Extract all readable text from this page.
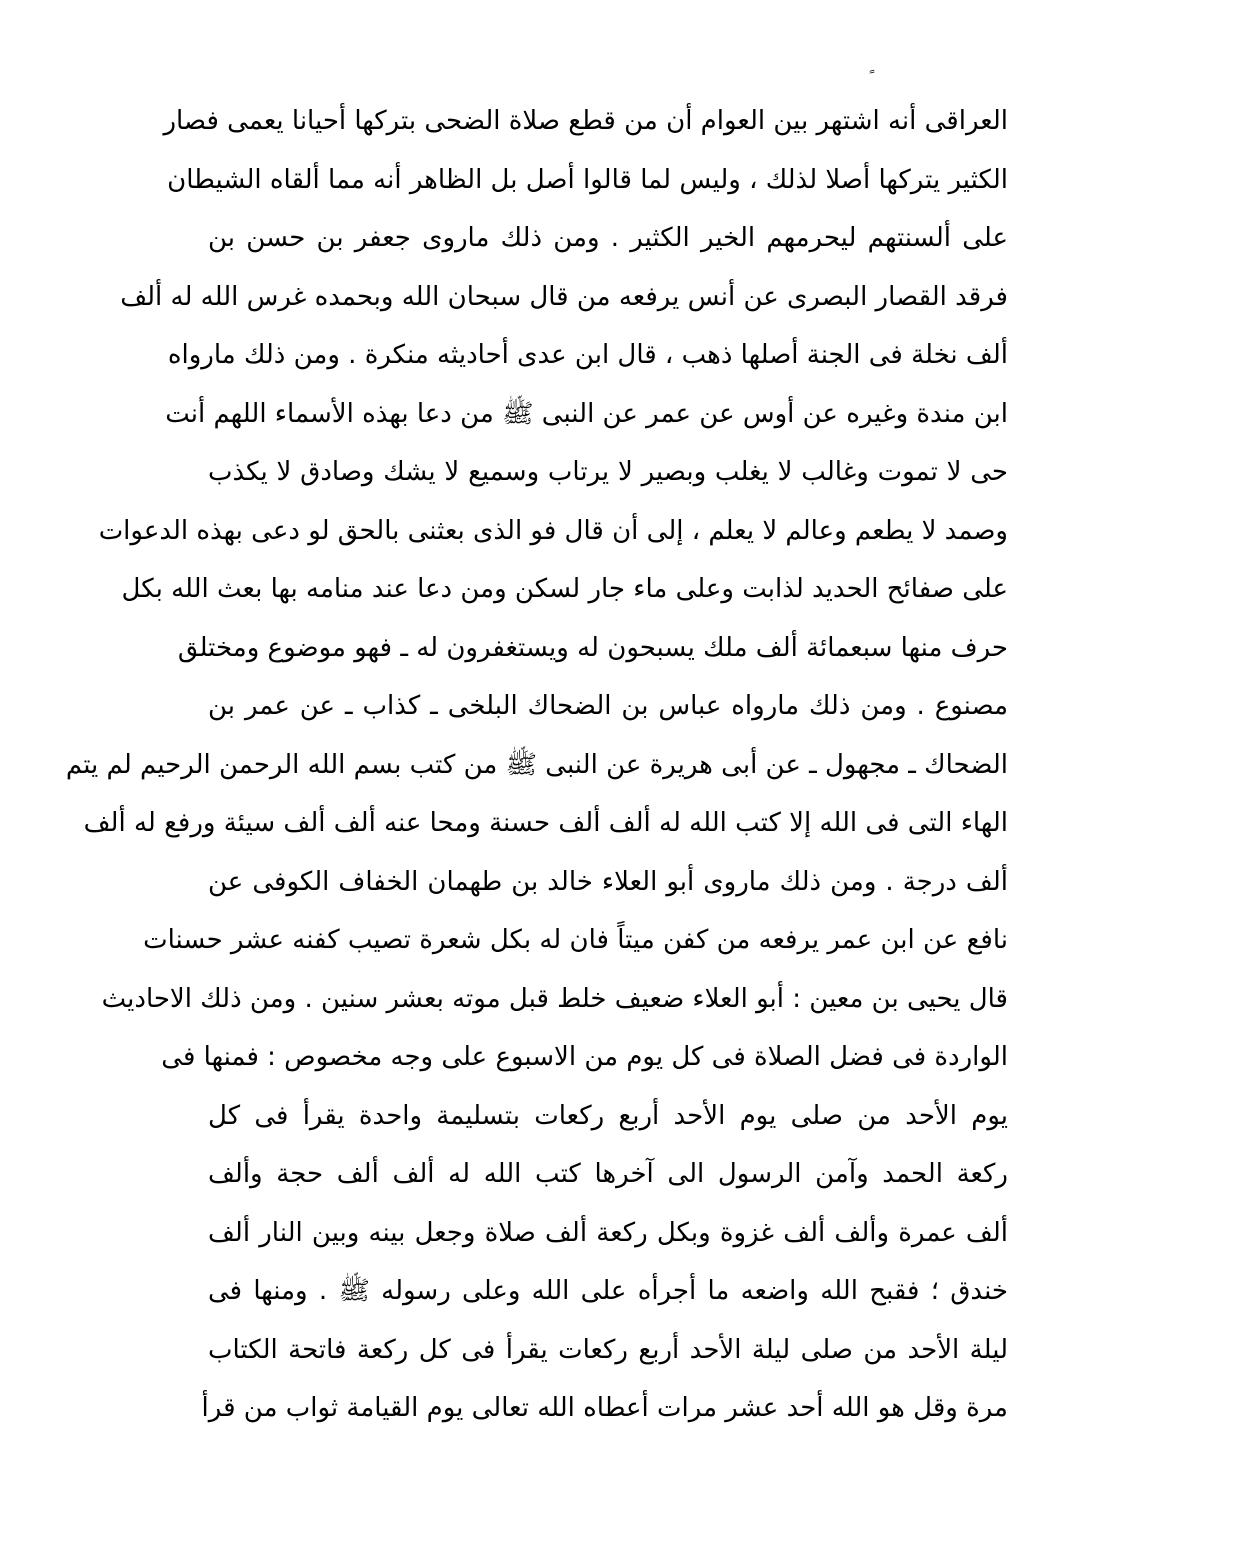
العراقى أنه اشتهر بين العوام أن من قطع صلاة الضحى بتركها أحيانا يعمى فصار
الكثير يتركها أصلا لذلك ، وليس لما قالوا أصل بل الظاهر أنه مما ألقاه الشيطان
على ألسنتهم ليحرمهم الخير الكثير . ومن ذلك ماروى جعفر بن حسن بن
فرقد القصار البصرى عن أنس يرفعه من قال سبحان الله وبحمده غرس الله له ألف
ألف نخلة فى الجنة أصلها ذهب ، قال ابن عدى أحاديثه منكرة . ومن ذلك مارواه
ابن مندة وغيره عن أوس عن عمر عن النبى ﷺ من دعا بهذه الأسماء اللهم أنت
حى لا تموت وغالب لا يغلب وبصير لا يرتاب وسميع لا يشك وصادق لا يكذب
وصمد لا يطعم وعالم لا يعلم ، إلى أن قال فو الذى بعثنى بالحق لو دعى بهذه الدعوات
على صفائح الحديد لذابت وعلى ماء جار لسكن ومن دعا عند منامه بها بعث الله بكل
حرف منها سبعمائة ألف ملك يسبحون له ويستغفرون له ـ فهو موضوع ومختلق
مصنوع . ومن ذلك مارواه عباس بن الضحاك البلخى ـ كذاب ـ عن عمر بن
الضحاك ـ مجهول ـ عن أبى هريرة عن النبى ﷺ من كتب بسم الله الرحمن الرحيم لم يتم
الهاء التى فى الله إلا كتب الله له ألف ألف حسنة ومحا عنه ألف ألف سيئة ورفع له ألف
ألف درجة . ومن ذلك ماروى أبو العلاء خالد بن طهمان الخفاف الكوفى عن
نافع عن ابن عمر يرفعه من كفن ميتاً فان له بكل شعرة تصيب كفنه عشر حسنات
قال يحيى بن معين : أبو العلاء ضعيف خلط قبل موته بعشر سنين . ومن ذلك الاحاديث
الواردة فى فضل الصلاة فى كل يوم من الاسبوع على وجه مخصوص : فمنها فى
يوم الأحد من صلى يوم الأحد أربع ركعات بتسليمة واحدة يقرأ فى كل
ركعة الحمد وآمن الرسول الى آخرها كتب الله له ألف ألف حجة وألف
ألف عمرة وألف ألف غزوة وبكل ركعة ألف صلاة وجعل بينه وبين النار ألف
خندق ؛ فقبح الله واضعه ما أجرأه على الله وعلى رسوله ﷺ . ومنها فى
ليلة الأحد من صلى ليلة الأحد أربع ركعات يقرأ فى كل ركعة فاتحة الكتاب
مرة وقل هو الله أحد عشر مرات أعطاه الله تعالى يوم القيامة ثواب من قرأ
